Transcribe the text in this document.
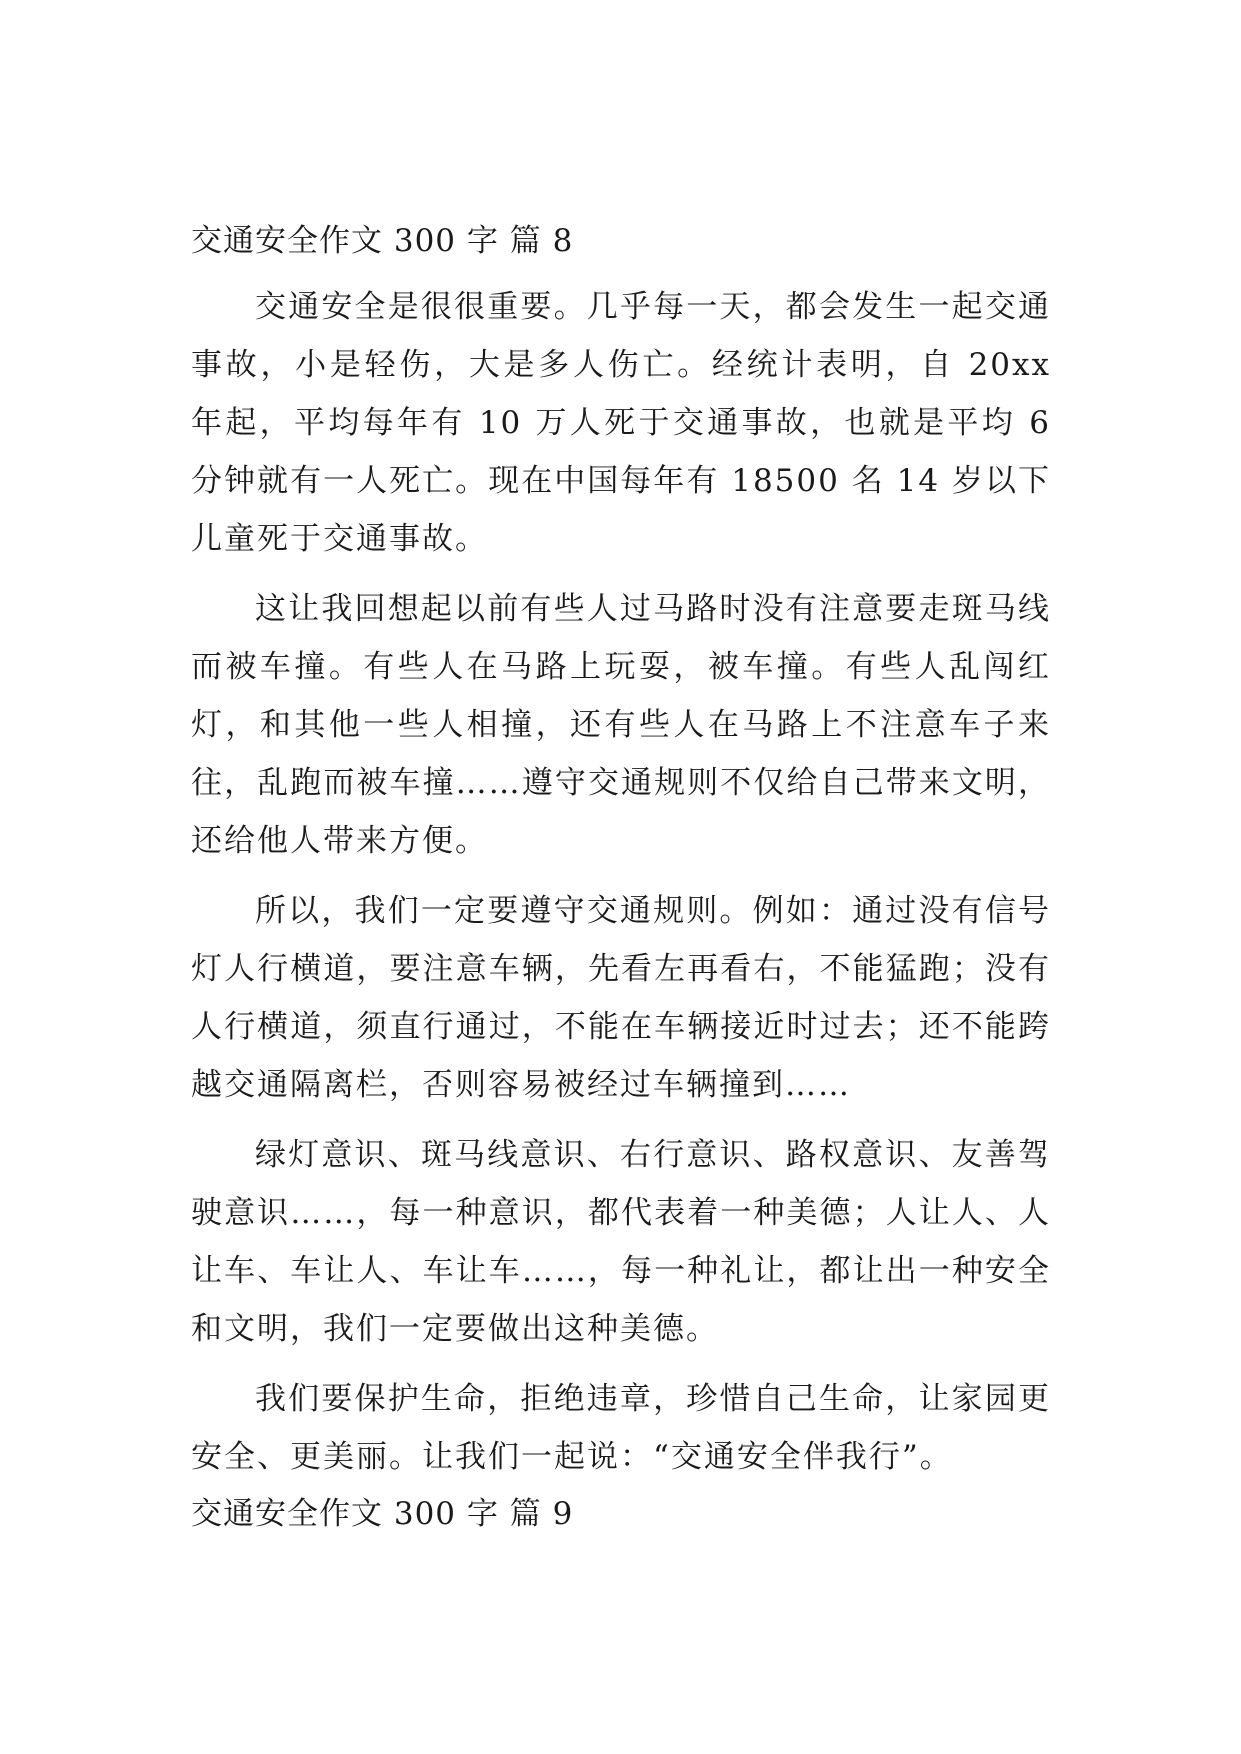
交通安全作文 300 字 篇 8

交通安全是很很重要。几乎每一天，都会发生一起交通事故，小是轻伤，大是多人伤亡。经统计表明，自 20xx 年起，平均每年有 10 万人死于交通事故，也就是平均 6 分钟就有一人死亡。现在中国每年有 18500 名 14 岁以下儿童死于交通事故。

这让我回想起以前有些人过马路时没有注意要走斑马线而被车撞。有些人在马路上玩耍，被车撞。有些人乱闯红灯，和其他一些人相撞，还有些人在马路上不注意车子来往，乱跑而被车撞……遵守交通规则不仅给自己带来文明，还给他人带来方便。

所以，我们一定要遵守交通规则。例如：通过没有信号灯人行横道，要注意车辆，先看左再看右，不能猛跑；没有人行横道，须直行通过，不能在车辆接近时过去；还不能跨越交通隔离栏，否则容易被经过车辆撞到……

绿灯意识、斑马线意识、右行意识、路权意识、友善驾驶意识……，每一种意识，都代表着一种美德；人让人、人让车、车让人、车让车……，每一种礼让，都让出一种安全和文明，我们一定要做出这种美德。

我们要保护生命，拒绝违章，珍惜自己生命，让家园更安全、更美丽。让我们一起说：“交通安全伴我行”。

交通安全作文 300 字 篇 9
